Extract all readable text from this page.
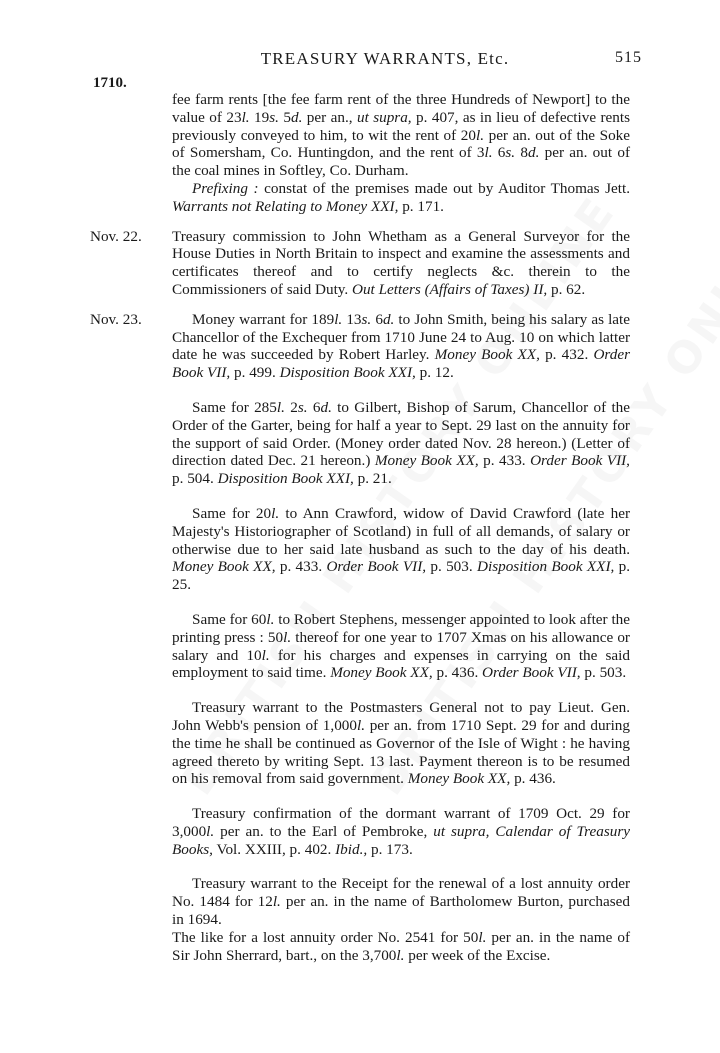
TREASURY WARRANTS, Etc.	515
1710.

fee farm rents [the fee farm rent of the three Hundreds of Newport] to the value of 23l. 19s. 5d. per an., ut supra, p. 407, as in lieu of defective rents previously conveyed to him, to wit the rent of 20l. per an. out of the Soke of Somersham, Co. Huntingdon, and the rent of 3l. 6s. 8d. per an. out of the coal mines in Softley, Co. Durham.

Prefixing : constat of the premises made out by Auditor Thomas Jett. Warrants not Relating to Money XXI, p. 171.

Nov. 22.	Treasury commission to John Whetham as a General Surveyor for the House Duties in North Britain to inspect and examine the assessments and certificates thereof and to certify neglects &c. therein to the Commissioners of said Duty. Out Letters (Affairs of Taxes) II, p. 62.

Nov. 23.	Money warrant for 189l. 13s. 6d. to John Smith, being his salary as late Chancellor of the Exchequer from 1710 June 24 to Aug. 10 on which latter date he was succeeded by Robert Harley. Money Book XX, p. 432. Order Book VII, p. 499. Disposition Book XXI, p. 12.

Same for 285l. 2s. 6d. to Gilbert, Bishop of Sarum, Chancellor of the Order of the Garter, being for half a year to Sept. 29 last on the annuity for the support of said Order. (Money order dated Nov. 28 hereon.) (Letter of direction dated Dec. 21 hereon.) Money Book XX, p. 433. Order Book VII, p. 504. Disposition Book XXI, p. 21.

Same for 20l. to Ann Crawford, widow of David Crawford (late her Majesty's Historiographer of Scotland) in full of all demands, of salary or otherwise due to her said late husband as such to the day of his death. Money Book XX, p. 433. Order Book VII, p. 503. Disposition Book XXI, p. 25.

Same for 60l. to Robert Stephens, messenger appointed to look after the printing press : 50l. thereof for one year to 1707 Xmas on his allowance or salary and 10l. for his charges and expenses in carrying on the said employment to said time. Money Book XX, p. 436. Order Book VII, p. 503.

Treasury warrant to the Postmasters General not to pay Lieut. Gen. John Webb's pension of 1,000l. per an. from 1710 Sept. 29 for and during the time he shall be continued as Governor of the Isle of Wight : he having agreed thereto by writing Sept. 13 last. Payment thereon is to be resumed on his removal from said government. Money Book XX, p. 436.

Treasury confirmation of the dormant warrant of 1709 Oct. 29 for 3,000l. per an. to the Earl of Pembroke, ut supra, Calendar of Treasury Books, Vol. XXIII, p. 402. Ibid., p. 173.

Treasury warrant to the Receipt for the renewal of a lost annuity order No. 1484 for 12l. per an. in the name of Bartholomew Burton, purchased in 1694.

The like for a lost annuity order No. 2541 for 50l. per an. in the name of Sir John Sherrard, bart., on the 3,700l. per week of the Excise.
